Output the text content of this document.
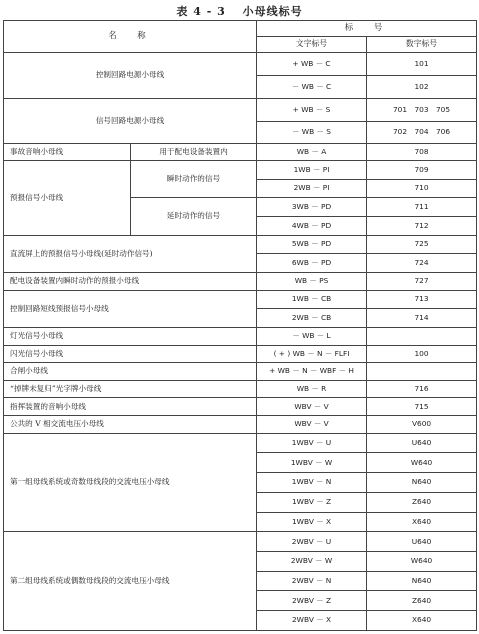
表 4 - 3 小母线标号
名　称		标　号	
		文字标号	数字标号
控制回路电源小母线		+ WB － C	101
		－ WB － C	102
信号回路电源小母线		+ WB － S	701　703　705
		－ WB － S	702　704　706
事故音响小母线	用于配电设备装置内	WB － A	708
预报信号小母线	瞬时动作的信号	1WB － PI	709
		2WB － PI	710
	延时动作的信号	3WB － PD	711
		4WB － PD	712
直流屏上的预报信号小母线(延时动作信号)		5WB － PD	725
		6WB － PD	724
配电设备装置内瞬时动作的预报小母线		WB － PS	727
控制回路短线预报信号小母线		1WB － CB	713
		2WB － CB	714
灯光信号小母线		－ WB － L	
闪光信号小母线		( + ) WB － N － FLFI	100
合闸小母线		+ WB － N － WBF － H	
“掉牌未复归”光字牌小母线		WB － R	716
指挥装置的音响小母线		WBV － V	715
公共的 V 相交流电压小母线		WBV － V	V600
第一组母线系统或奇数母线段的交流电压小母线		1WBV － U	U640
		1WBV － W	W640
		1WBV － N	N640
		1WBV － Z	Z640
		1WBV － X	X640
第二组母线系统或偶数母线段的交流电压小母线		2WBV － U	U640
		2WBV － W	W640
		2WBV － N	N640
		2WBV － Z	Z640
		2WBV － X	X640
